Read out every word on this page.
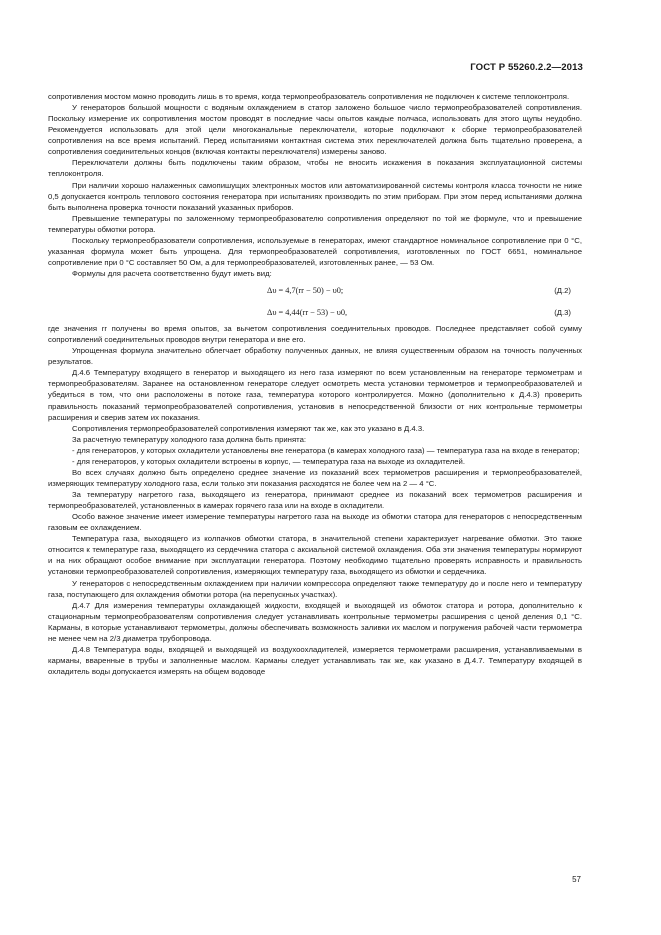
ГОСТ Р 55260.2.2—2013

сопротивления мостом можно проводить лишь в то время, когда термопреобразователь сопротивления не подключен к системе теплоконтроля.

У генераторов большой мощности с водяным охлаждением в статор заложено большое число термопреобразователей сопротивления. Поскольку измерение их сопротивления мостом проводят в последние часы опытов каждые полчаса, использовать для этого щупы неудобно. Рекомендуется использовать для этой цели многоканальные переключатели, которые подключают к сборке термопреобразователей сопротивления на все время испытаний. Перед испытаниями контактная система этих переключателей должна быть тщательно проверена, а сопротивления соединительных концов (включая контакты переключателя) измерены заново.

Переключатели должны быть подключены таким образом, чтобы не вносить искажения в показания эксплуатационной системы теплоконтроля.

При наличии хорошо налаженных самопишущих электронных мостов или автоматизированной системы контроля класса точности не ниже 0,5 допускается контроль теплового состояния генератора при испытаниях производить по этим приборам. При этом перед испытаниями должна быть выполнена проверка точности показаний указанных приборов.

Превышение температуры по заложенному термопреобразователю сопротивления определяют по той же формуле, что и превышение температуры обмотки ротора.

Поскольку термопреобразователи сопротивления, используемые в генераторах, имеют стандартное номинальное сопротивление при 0 °С, указанная формула может быть упрощена. Для термопреобразователей сопротивления, изготовленных по ГОСТ 6651, номинальное сопротивление при 0 °С составляет 50 Ом, а для термопреобразователей, изготовленных ранее, — 53 Ом.

Формулы для расчета соответственно будут иметь вид:

Δυ = 4,7(rr − 50) − υ0;	(Д.2)
Δυ = 4,44(rr − 53) − υ0,	(Д.3)

где значения rr получены во время опытов, за вычетом сопротивления соединительных проводов. Последнее представляет собой сумму сопротивлений соединительных проводов внутри генератора и вне его.

Упрощенная формула значительно облегчает обработку полученных данных, не влияя существенным образом на точность полученных результатов.

Д.4.6 Температуру входящего в генератор и выходящего из него газа измеряют по всем установленным на генераторе термометрам и термопреобразователям. Заранее на остановленном генераторе следует осмотреть места установки термометров и термопреобразователей и убедиться в том, что они расположены в потоке газа, температура которого контролируется. Можно (дополнительно к Д.4.3) проверить правильность показаний термопреобразователей сопротивления, установив в непосредственной близости от них контрольные термометры расширения и сверив затем их показания.

Сопротивления термопреобразователей сопротивления измеряют так же, как это указано в Д.4.3.

За расчетную температуру холодного газа должна быть принята:

- для генераторов, у которых охладители установлены вне генератора (в камерах холодного газа) — температура газа на входе в генератор;

- для генераторов, у которых охладители встроены в корпус, — температура газа на выходе из охладителей.

Во всех случаях должно быть определено среднее значение из показаний всех термометров расширения и термопреобразователей, измеряющих температуру холодного газа, если только эти показания расходятся не более чем на 2 — 4 °С.

За температуру нагретого газа, выходящего из генератора, принимают среднее из показаний всех термометров расширения и термопреобразователей, установленных в камерах горячего газа или на входе в охладители.

Особо важное значение имеет измерение температуры нагретого газа на выходе из обмотки статора для генераторов с непосредственным газовым ее охлаждением.

Температура газа, выходящего из колпачков обмотки статора, в значительной степени характеризует нагревание обмотки. Это также относится к температуре газа, выходящего из сердечника статора с аксиальной системой охлаждения. Оба эти значения температуры нормируют и на них обращают особое внимание при эксплуатации генератора. Поэтому необходимо тщательно проверять исправность и правильность установки термопреобразователей сопротивления, измеряющих температуру газа, выходящего из обмотки и сердечника.

У генераторов с непосредственным охлаждением при наличии компрессора определяют также температуру до и после него и температуру газа, поступающего для охлаждения обмотки ротора (на перепускных участках).

Д.4.7 Для измерения температуры охлаждающей жидкости, входящей и выходящей из обмоток статора и ротора, дополнительно к стационарным термопреобразователям сопротивления следует устанавливать контрольные термометры расширения с ценой деления 0,1 °С. Карманы, в которые устанавливают термометры, должны обеспечивать возможность заливки их маслом и погружения рабочей части термометра не менее чем на 2/3 диаметра трубопровода.

Д.4.8 Температура воды, входящей и выходящей из воздухоохладителей, измеряется термометрами расширения, устанавливаемыми в карманы, вваренные в трубы и заполненные маслом. Карманы следует устанавливать так же, как указано в Д.4.7. Температуру входящей в охладитель воды допускается измерять на общем водоводе

57
